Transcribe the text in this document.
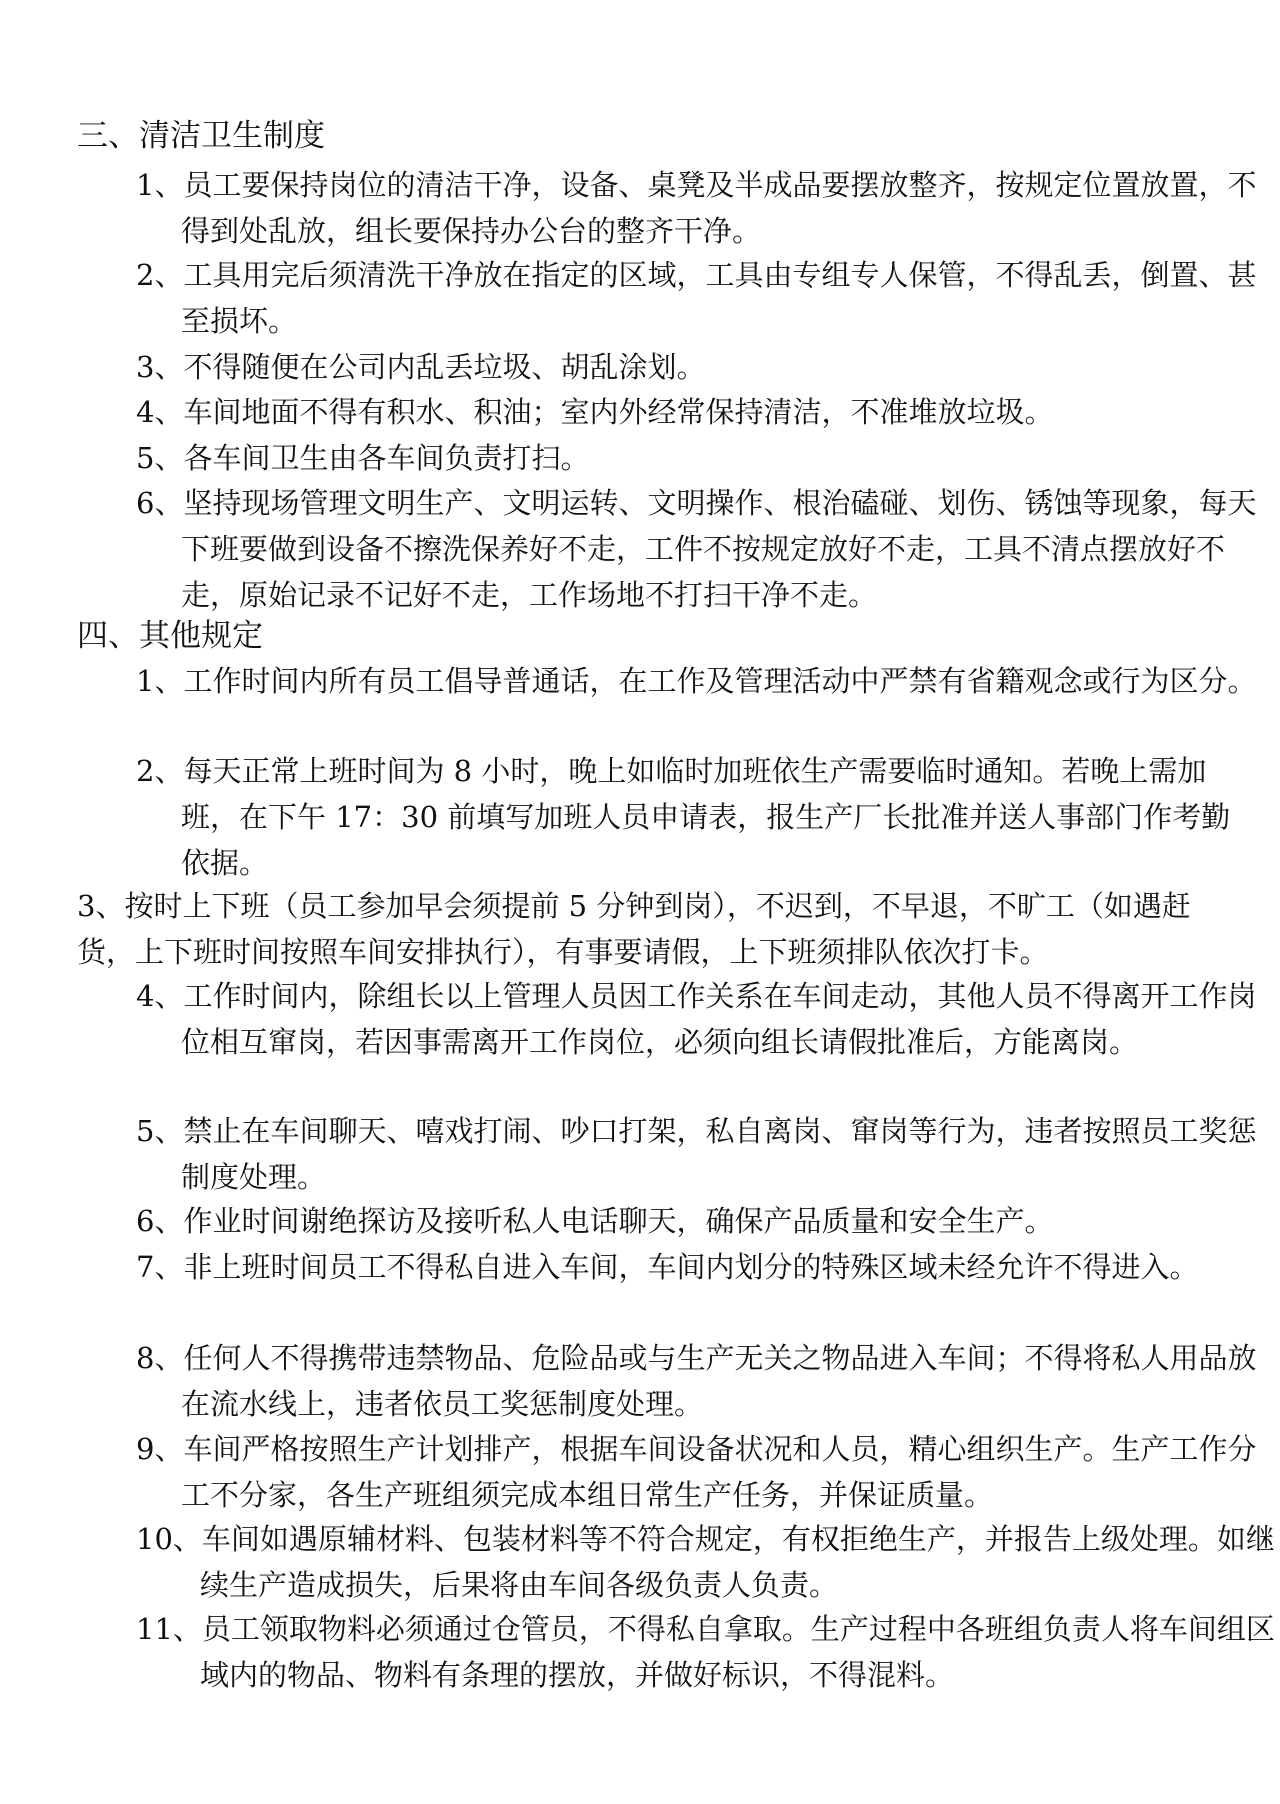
三、清洁卫生制度

1、员工要保持岗位的清洁干净，设备、桌凳及半成品要摆放整齐，按规定位置放置，不得到处乱放，组长要保持办公台的整齐干净。

2、工具用完后须清洗干净放在指定的区域，工具由专组专人保管，不得乱丢，倒置、甚至损坏。

3、不得随便在公司内乱丢垃圾、胡乱涂划。

4、车间地面不得有积水、积油；室内外经常保持清洁，不准堆放垃圾。

5、各车间卫生由各车间负责打扫。

6、坚持现场管理文明生产、文明运转、文明操作、根治磕碰、划伤、锈蚀等现象，每天下班要做到设备不擦洗保养好不走，工件不按规定放好不走，工具不清点摆放好不走，原始记录不记好不走，工作场地不打扫干净不走。

四、其他规定

1、工作时间内所有员工倡导普通话，在工作及管理活动中严禁有省籍观念或行为区分。

2、每天正常上班时间为 8 小时，晚上如临时加班依生产需要临时通知。若晚上需加班，在下午 17：30 前填写加班人员申请表，报生产厂长批准并送人事部门作考勤依据。

3、按时上下班（员工参加早会须提前 5 分钟到岗），不迟到，不早退，不旷工（如遇赶货，上下班时间按照车间安排执行），有事要请假，上下班须排队依次打卡。

4、工作时间内，除组长以上管理人员因工作关系在车间走动，其他人员不得离开工作岗位相互窜岗，若因事需离开工作岗位，必须向组长请假批准后，方能离岗。

5、禁止在车间聊天、嘻戏打闹、吵口打架，私自离岗、窜岗等行为，违者按照员工奖惩制度处理。

6、作业时间谢绝探访及接听私人电话聊天，确保产品质量和安全生产。

7、非上班时间员工不得私自进入车间，车间内划分的特殊区域未经允许不得进入。

8、任何人不得携带违禁物品、危险品或与生产无关之物品进入车间；不得将私人用品放在流水线上，违者依员工奖惩制度处理。

9、车间严格按照生产计划排产，根据车间设备状况和人员，精心组织生产。生产工作分工不分家，各生产班组须完成本组日常生产任务，并保证质量。

10、车间如遇原辅材料、包装材料等不符合规定，有权拒绝生产，并报告上级处理。如继续生产造成损失，后果将由车间各级负责人负责。

11、员工领取物料必须通过仓管员，不得私自拿取。生产过程中各班组负责人将车间组区域内的物品、物料有条理的摆放，并做好标识，不得混料。
